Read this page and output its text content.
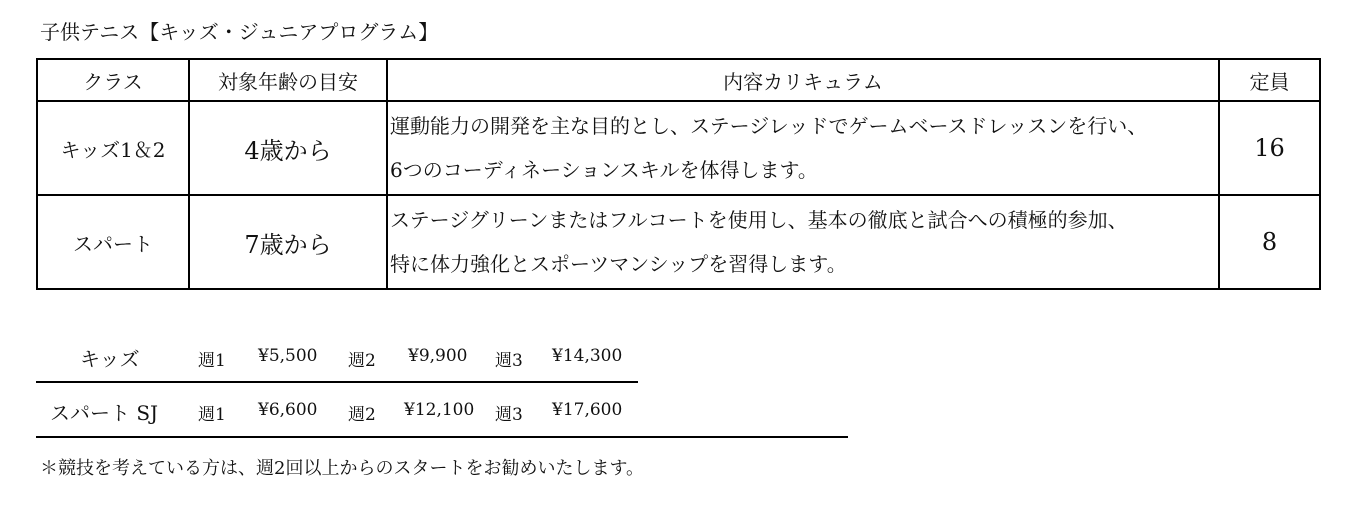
子供テニス【キッズ・ジュニアプログラム】
クラス	対象年齢の目安	内容カリキュラム	定員
キッズ1＆2	4歳から	運動能力の開発を主な目的とし、ステージレッドでゲームベースドレッスンを行い、
6つのコーディネーションスキルを体得します。	16
スパート	7歳から	ステージグリーンまたはフルコートを使用し、基本の徹底と試合への積極的参加、
特に体力強化とスポーツマンシップを習得します。	8
キッズ	週1 ¥5,500 週2 ¥9,900 週3 ¥14,300
スパート SJ 週1 ¥6,600 週2 ¥12,100 週3 ¥17,600
＊競技を考えている方は、週2回以上からのスタートをお勧めいたします。
